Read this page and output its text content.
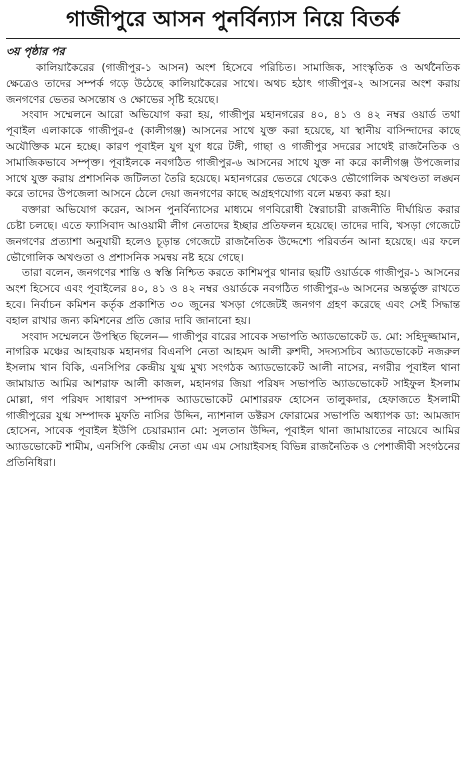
গাজীপুরে আসন পুনর্বিন্যাস নিয়ে বিতর্ক
৩য় পৃষ্ঠার পর

কালিয়াকৈরের (গাজীপুর-১ আসন) অংশ হিসেবে পরিচিত। সামাজিক, সাংস্কৃতিক ও অর্থনৈতিক ক্ষেত্রেও তাদের সম্পর্ক গড়ে উঠেছে কালিয়াকৈরের সাথে। অথচ হঠাৎ গাজীপুর-২ আসনের অংশ করায় জনগণের ভেতর অসন্তোষ ও ক্ষোভের সৃষ্টি হয়েছে।

সংবাদ সম্মেলনে আরো অভিযোগ করা হয়, গাজীপুর মহানগরের ৪০, ৪১ ও ৪২ নম্বর ওয়ার্ড তথা পূবাইল এলাকাকে গাজীপুর-৫ (কালীগঞ্জ) আসনের সাথে যুক্ত করা হয়েছে, যা স্থানীয় বাসিন্দাদের কাছে অযৌক্তিক মনে হচ্ছে। কারণ পূবাইল যুগ যুগ ধরে টঙ্গী, গাছা ও গাজীপুর সদরের সাথেই রাজনৈতিক ও সামাজিকভাবে সম্পৃক্ত। পূবাইলকে নবগঠিত গাজীপুর-৬ আসনের সাথে যুক্ত না করে কালীগঞ্জ উপজেলার সাথে যুক্ত করায় প্রশাসনিক জটিলতা তৈরি হয়েছে। মহানগরের ভেতরে থেকেও ভৌগোলিক অখণ্ডতা লঙ্ঘন করে তাদের উপজেলা আসনে ঠেলে দেয়া জনগণের কাছে অগ্রহণযোগ্য বলে মন্তব্য করা হয়।

বক্তারা অভিযোগ করেন, আসন পুনর্বিন্যাসের মাধ্যমে গণবিরোধী স্বৈরাচারী রাজনীতি দীর্ঘায়িত করার চেষ্টা চলছে। এতে ফ্যাসিবাদ আওয়ামী লীগ নেতাদের ইচ্ছার প্রতিফলন হয়েছে। তাদের দাবি, খসড়া গেজেটে জনগণের প্রত্যাশা অনুযায়ী হলেও চূড়ান্ত গেজেটে রাজনৈতিক উদ্দেশ্যে পরিবর্তন আনা হয়েছে। এর ফলে ভৌগোলিক অখণ্ডতা ও প্রশাসনিক সমন্বয় নষ্ট হয়ে গেছে।

তারা বলেন, জনগণের শান্তি ও স্বস্তি নিশ্চিত করতে কাশিমপুর থানার ছয়টি ওয়ার্ডকে গাজীপুর-১ আসনের অংশ হিসেবে এবং পূবাইলের ৪০, ৪১ ও ৪২ নম্বর ওয়ার্ডকে নবগঠিত গাজীপুর-৬ আসনের অন্তর্ভুক্ত রাখতে হবে। নির্বাচন কমিশন কর্তৃক প্রকাশিত ৩০ জুনের খসড়া গেজেটই জনগণ গ্রহণ করেছে এবং সেই সিদ্ধান্ত বহাল রাখার জন্য কমিশনের প্রতি জোর দাবি জানানো হয়।

সংবাদ সম্মেলনে উপস্থিত ছিলেন— গাজীপুর বারের সাবেক সভাপতি অ্যাডভোকেট ড. মো: সহিদুজ্জামান, নাগরিক মঞ্চের আহবায়ক মহানগর বিএনপি নেতা আহমদ আলী রুশদী, সদস্যসচিব অ্যাডভোকেট নজরুল ইসলাম খান বিকি, এনসিপির কেন্দ্রীয় যুগ্ম মুখ্য সংগঠক অ্যাডভোকেট আলী নাসের, নগরীর পূবাইল থানা জামায়াত আমির আশরাফ আলী কাজল, মহানগর জিয়া পরিষদ সভাপতি অ্যাডভোকেট সাইফুল ইসলাম মোল্লা, গণ পরিষদ সাধারণ সম্পাদক অ্যাডভোকেট মোশাররফ হোসেন তালুকদার, হেফাজতে ইসলামী গাজীপুরের যুগ্ম সম্পাদক মুফতি নাসির উদ্দিন, ন্যাশনাল ডক্টরস ফোরামের সভাপতি অধ্যাপক ডা: আমজাদ হোসেন, সাবেক পূবাইল ইউপি চেয়ারম্যান মো: সুলতান উদ্দিন, পূবাইল থানা জামায়াতের নায়েবে আমির অ্যাডভোকেট শামীম, এনসিপি কেন্দ্রীয় নেতা এম এম সোয়াইবসহ বিভিন্ন রাজনৈতিক ও পেশাজীবী সংগঠনের প্রতিনিধিরা।
